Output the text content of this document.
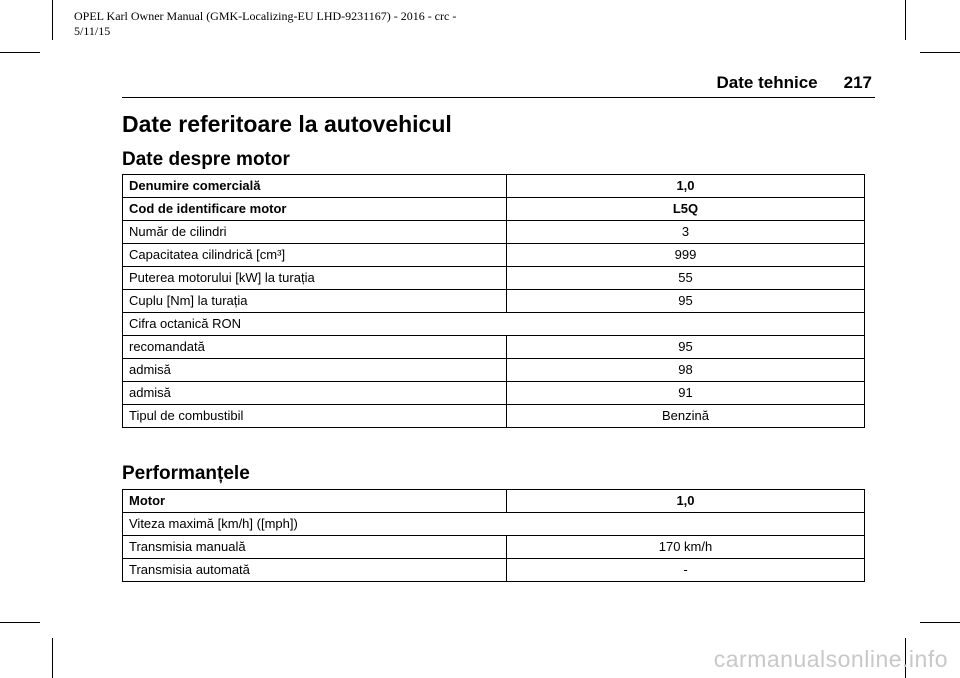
OPEL Karl Owner Manual (GMK-Localizing-EU LHD-9231167) - 2016 - crc -
5/11/15
Date tehnice 217
Date referitoare la autovehicul
Date despre motor
Denumire comercială	1,0
Cod de identificare motor	L5Q
Număr de cilindri	3
Capacitatea cilindrică [cm³]	999
Puterea motorului [kW] la turația	55
Cuplu [Nm] la turația	95
Cifra octanică RON	
recomandată	95
admisă	98
admisă	91
Tipul de combustibil	Benzină
Performanțele
Motor	1,0
Viteza maximă [km/h] ([mph])	
Transmisia manuală	170 km/h
Transmisia automată	-
carmanualsonline.info
